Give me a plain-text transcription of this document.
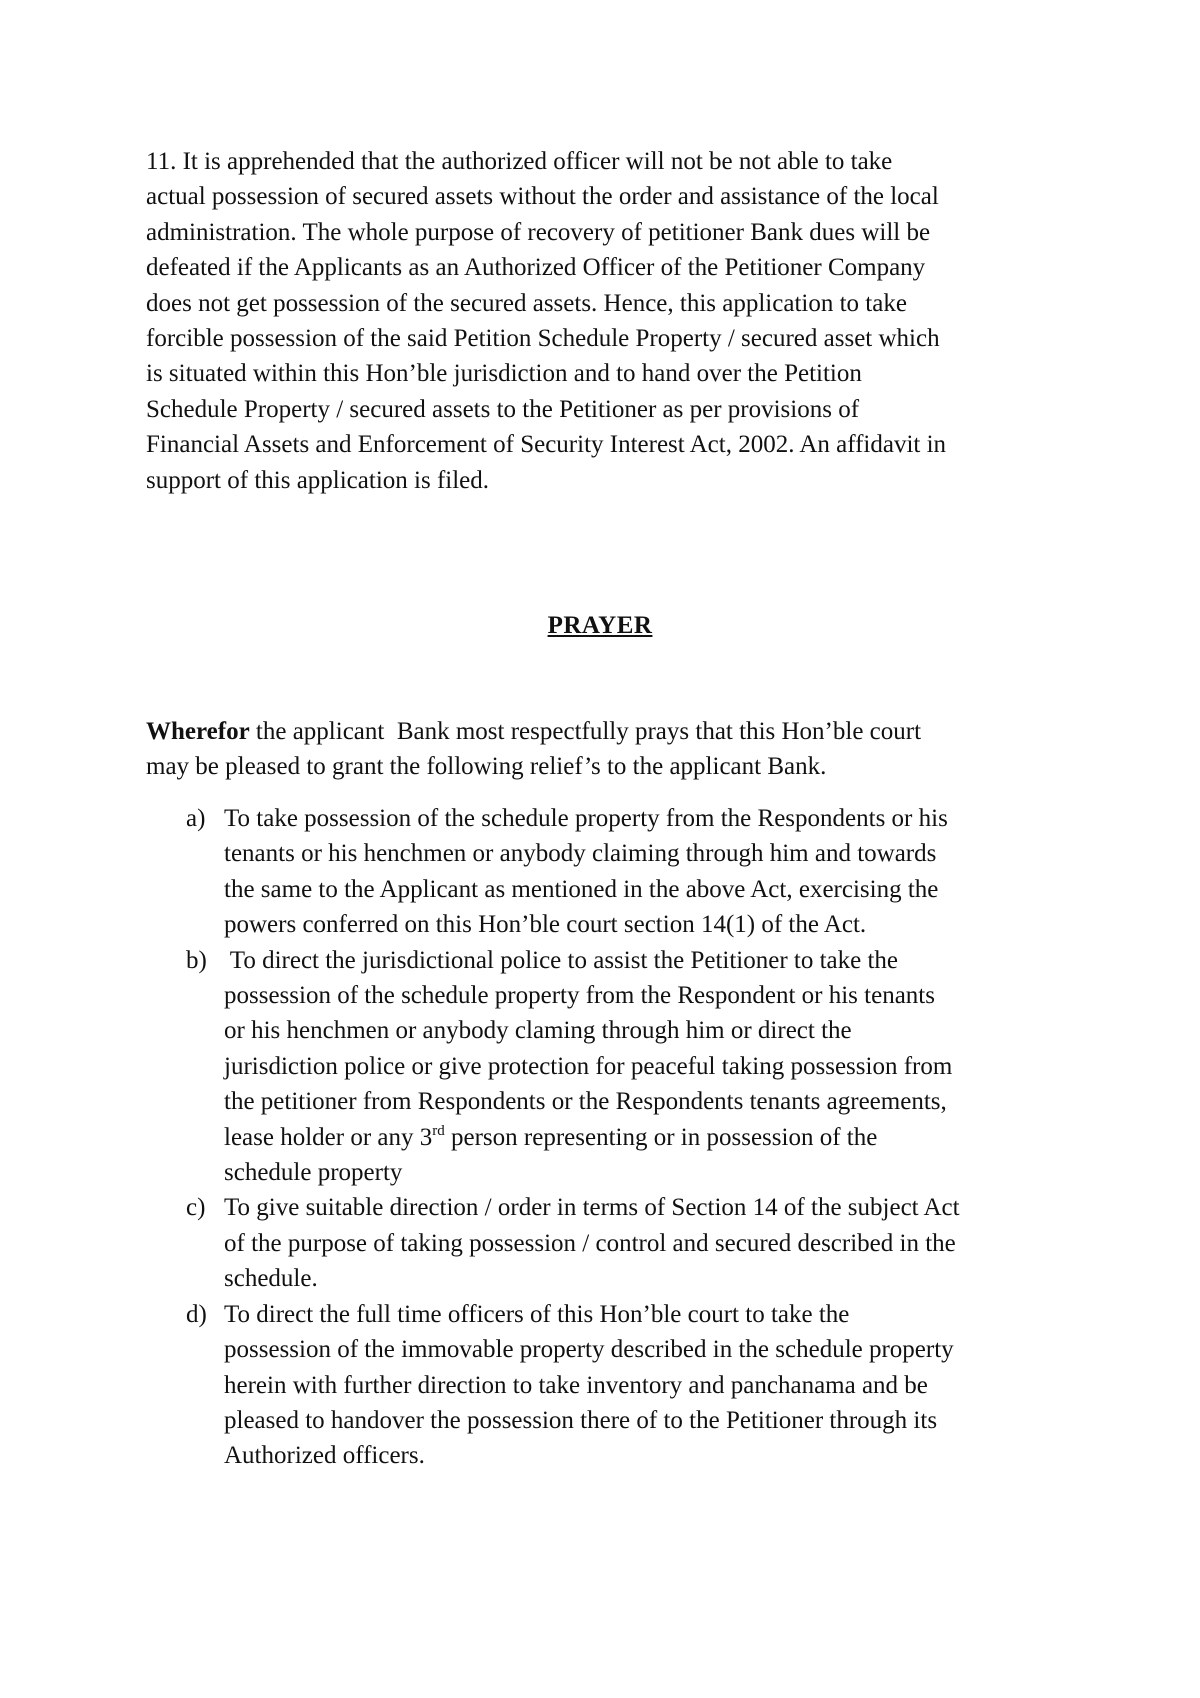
11. It is apprehended that the authorized officer will not be not able to take
actual possession of secured assets without the order and assistance of the local
administration. The whole purpose of recovery of petitioner Bank dues will be
defeated if the Applicants as an Authorized Officer of the Petitioner Company
does not get possession of the secured assets. Hence, this application to take
forcible possession of the said Petition Schedule Property / secured asset which
is situated within this Hon’ble jurisdiction and to hand over the Petition
Schedule Property / secured assets to the Petitioner as per provisions of
Financial Assets and Enforcement of Security Interest Act, 2002. An affidavit in
support of this application is filed.

PRAYER

Wherefor the applicant  Bank most respectfully prays that this Hon’ble court
may be pleased to grant the following relief’s to the applicant Bank.

a) To take possession of the schedule property from the Respondents or his
tenants or his henchmen or anybody claiming through him and towards
the same to the Applicant as mentioned in the above Act, exercising the
powers conferred on this Hon’ble court section 14(1) of the Act.
b) To direct the jurisdictional police to assist the Petitioner to take the
possession of the schedule property from the Respondent or his tenants
or his henchmen or anybody claming through him or direct the
jurisdiction police or give protection for peaceful taking possession from
the petitioner from Respondents or the Respondents tenants agreements,
lease holder or any 3rd person representing or in possession of the
schedule property
c) To give suitable direction / order in terms of Section 14 of the subject Act
of the purpose of taking possession / control and secured described in the
schedule.
d) To direct the full time officers of this Hon’ble court to take the
possession of the immovable property described in the schedule property
herein with further direction to take inventory and panchanama and be
pleased to handover the possession there of to the Petitioner through its
Authorized officers.
